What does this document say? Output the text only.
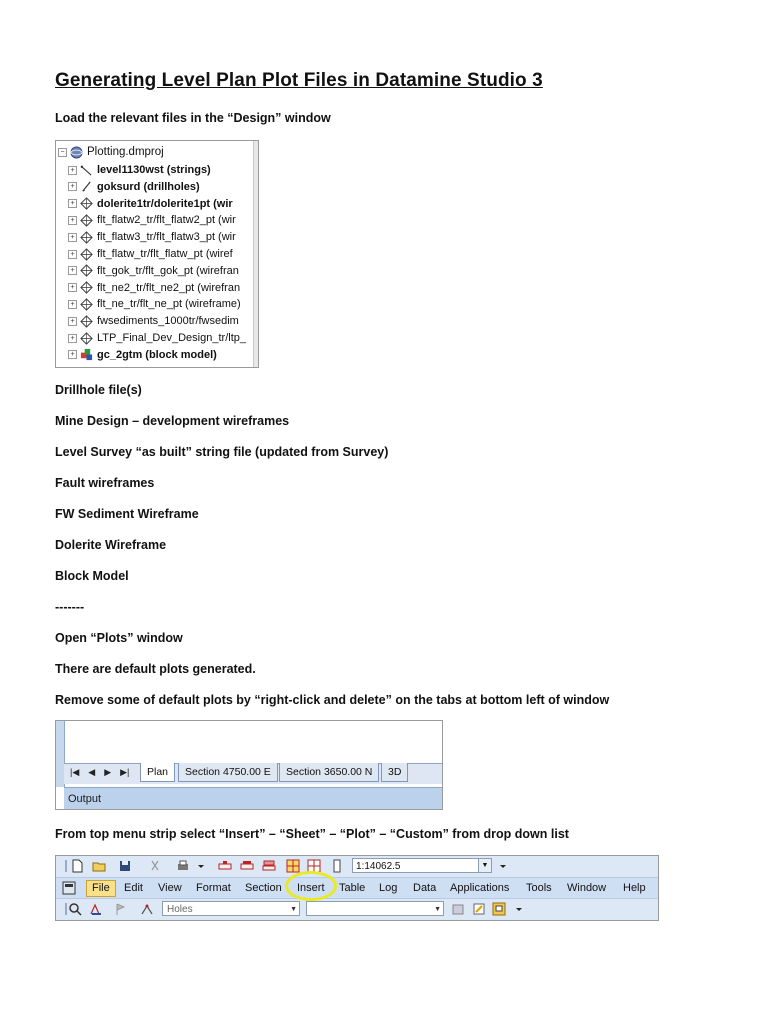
Generating Level Plan Plot Files in Datamine Studio 3

Load the relevant files in the “Design” window

− Plotting.dmproj
+ level1130wst (strings)
+ goksurd (drillholes)
+ dolerite1tr/dolerite1pt (wir
+ flt_flatw2_tr/flt_flatw2_pt (wir
+ flt_flatw3_tr/flt_flatw3_pt (wir
+ flt_flatw_tr/flt_flatw_pt (wiref
+ flt_gok_tr/flt_gok_pt (wirefran
+ flt_ne2_tr/flt_ne2_pt (wirefran
+ flt_ne_tr/flt_ne_pt (wireframe)
+ fwsediments_1000tr/fwsedim
+ LTP_Final_Dev_Design_tr/ltp_
+ gc_2gtm (block model)

Drillhole file(s)

Mine Design – development wireframes

Level Survey “as built” string file (updated from Survey)

Fault wireframes

FW Sediment Wireframe

Dolerite Wireframe

Block Model

-------

Open “Plots” window

There are default plots generated.

Remove some of default plots by “right-click and delete” on the tabs at bottom left of window

|◀ ◀ ▶ ▶|	Plan	Section 4750.00 E	Section 3650.00 N	3D
Output

From top menu strip select “Insert” – “Sheet” – “Plot” – “Custom” from drop down list

1:14062.5	▼
File	Edit View Format Section Insert Table Log Data Applications Tools Window Help
Holes	▼	▼
